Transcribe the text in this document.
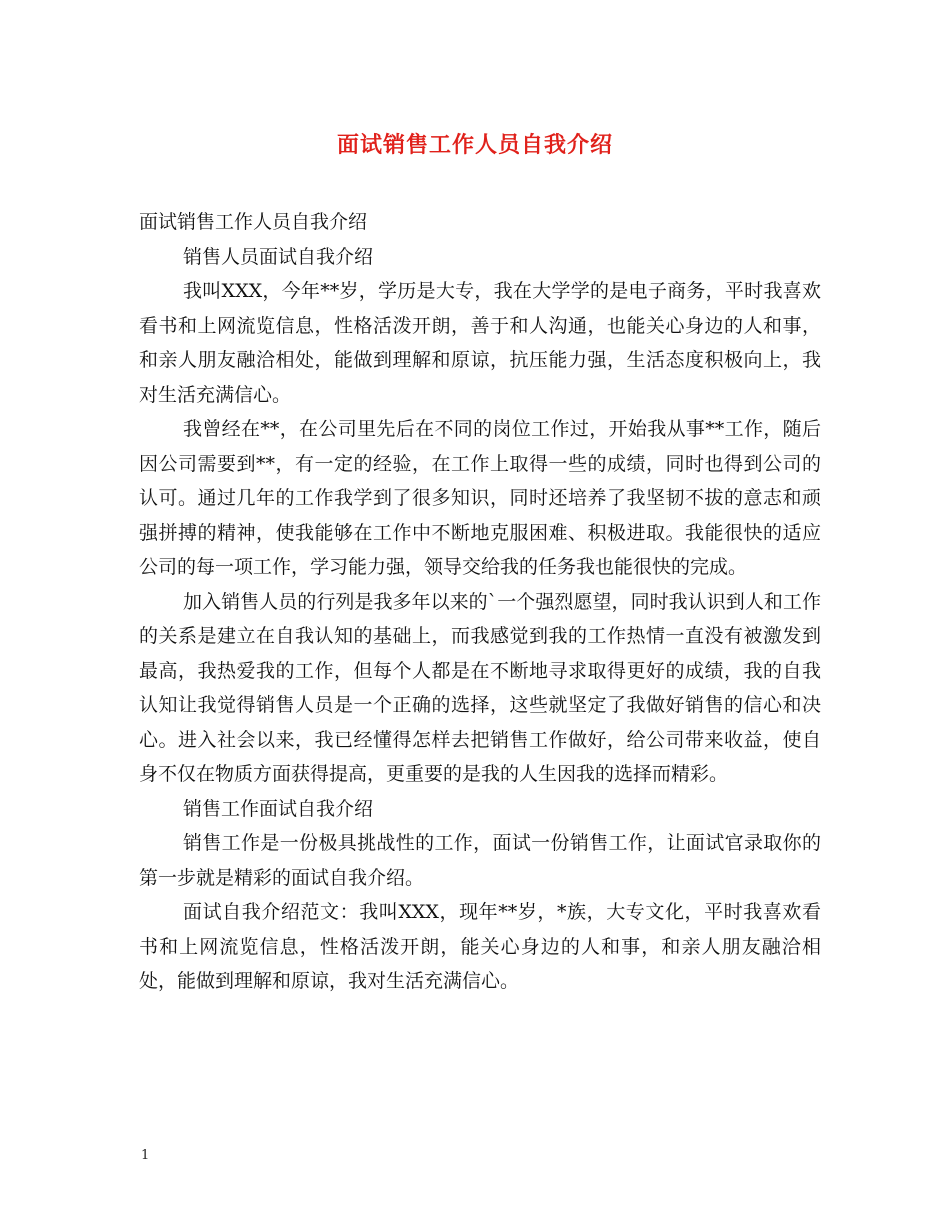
面试销售工作人员自我介绍

面试销售工作人员自我介绍

销售人员面试自我介绍

我叫XXX，今年**岁，学历是大专，我在大学学的是电子商务，平时我喜欢看书和上网流览信息，性格活泼开朗，善于和人沟通，也能关心身边的人和事，和亲人朋友融洽相处，能做到理解和原谅，抗压能力强，生活态度积极向上，我对生活充满信心。

我曾经在**，在公司里先后在不同的岗位工作过，开始我从事**工作，随后因公司需要到**，有一定的经验，在工作上取得一些的成绩，同时也得到公司的认可。通过几年的工作我学到了很多知识，同时还培养了我坚韧不拔的意志和顽强拼搏的精神，使我能够在工作中不断地克服困难、积极进取。我能很快的适应公司的每一项工作，学习能力强，领导交给我的任务我也能很快的完成。

加入销售人员的行列是我多年以来的`一个强烈愿望，同时我认识到人和工作的关系是建立在自我认知的基础上，而我感觉到我的工作热情一直没有被激发到最高，我热爱我的工作，但每个人都是在不断地寻求取得更好的成绩，我的自我认知让我觉得销售人员是一个正确的选择，这些就坚定了我做好销售的信心和决心。进入社会以来，我已经懂得怎样去把销售工作做好，给公司带来收益，使自身不仅在物质方面获得提高，更重要的是我的人生因我的选择而精彩。

销售工作面试自我介绍

销售工作是一份极具挑战性的工作，面试一份销售工作，让面试官录取你的第一步就是精彩的面试自我介绍。

面试自我介绍范文：我叫XXX，现年**岁，*族，大专文化，平时我喜欢看书和上网流览信息，性格活泼开朗，能关心身边的人和事，和亲人朋友融洽相处，能做到理解和原谅，我对生活充满信心。

1
